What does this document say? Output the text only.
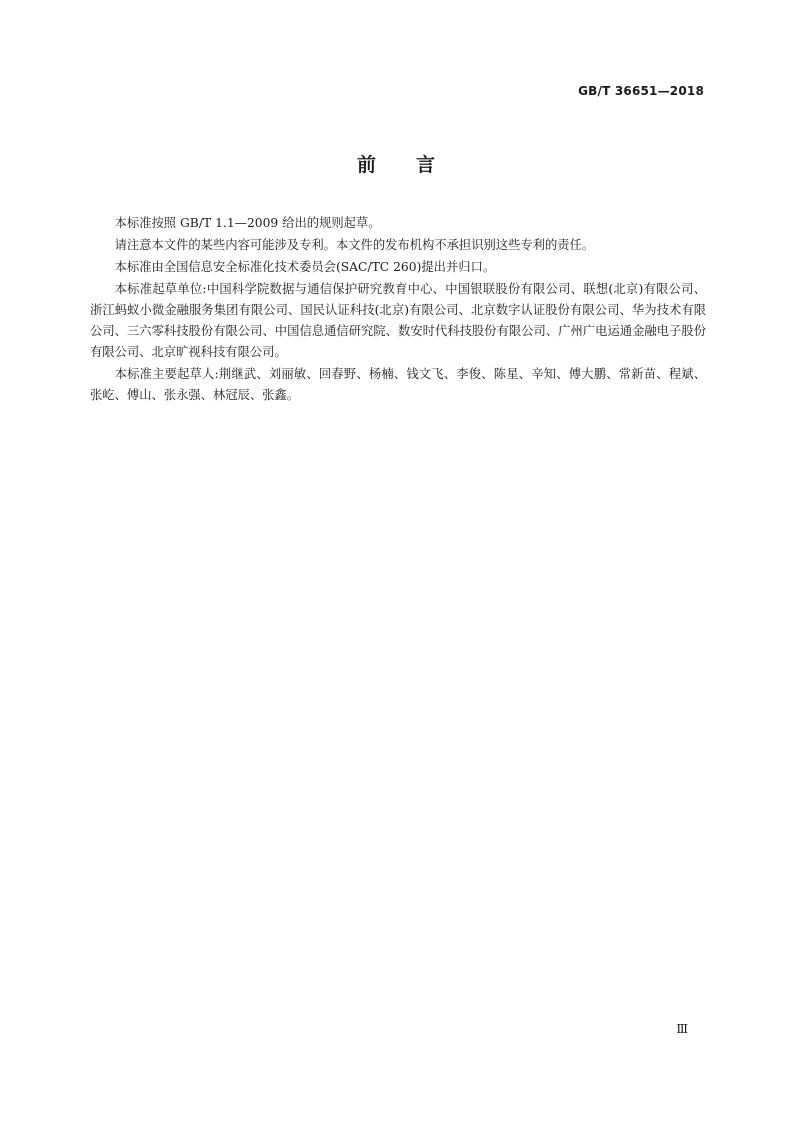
GB/T 36651—2018
前 言

本标准按照 GB/T 1.1—2009 给出的规则起草。

请注意本文件的某些内容可能涉及专利。本文件的发布机构不承担识别这些专利的责任。

本标准由全国信息安全标准化技术委员会(SAC/TC 260)提出并归口。

本标准起草单位:中国科学院数据与通信保护研究教育中心、中国银联股份有限公司、联想(北京)有限公司、浙江蚂蚁小微金融服务集团有限公司、国民认证科技(北京)有限公司、北京数字认证股份有限公司、华为技术有限公司、三六零科技股份有限公司、中国信息通信研究院、数安时代科技股份有限公司、广州广电运通金融电子股份有限公司、北京旷视科技有限公司。

本标准主要起草人:荆继武、刘丽敏、回春野、杨楠、钱文飞、李俊、陈星、辛知、傅大鹏、常新苗、程斌、张屹、傅山、张永强、林冠辰、张鑫。

Ⅲ
